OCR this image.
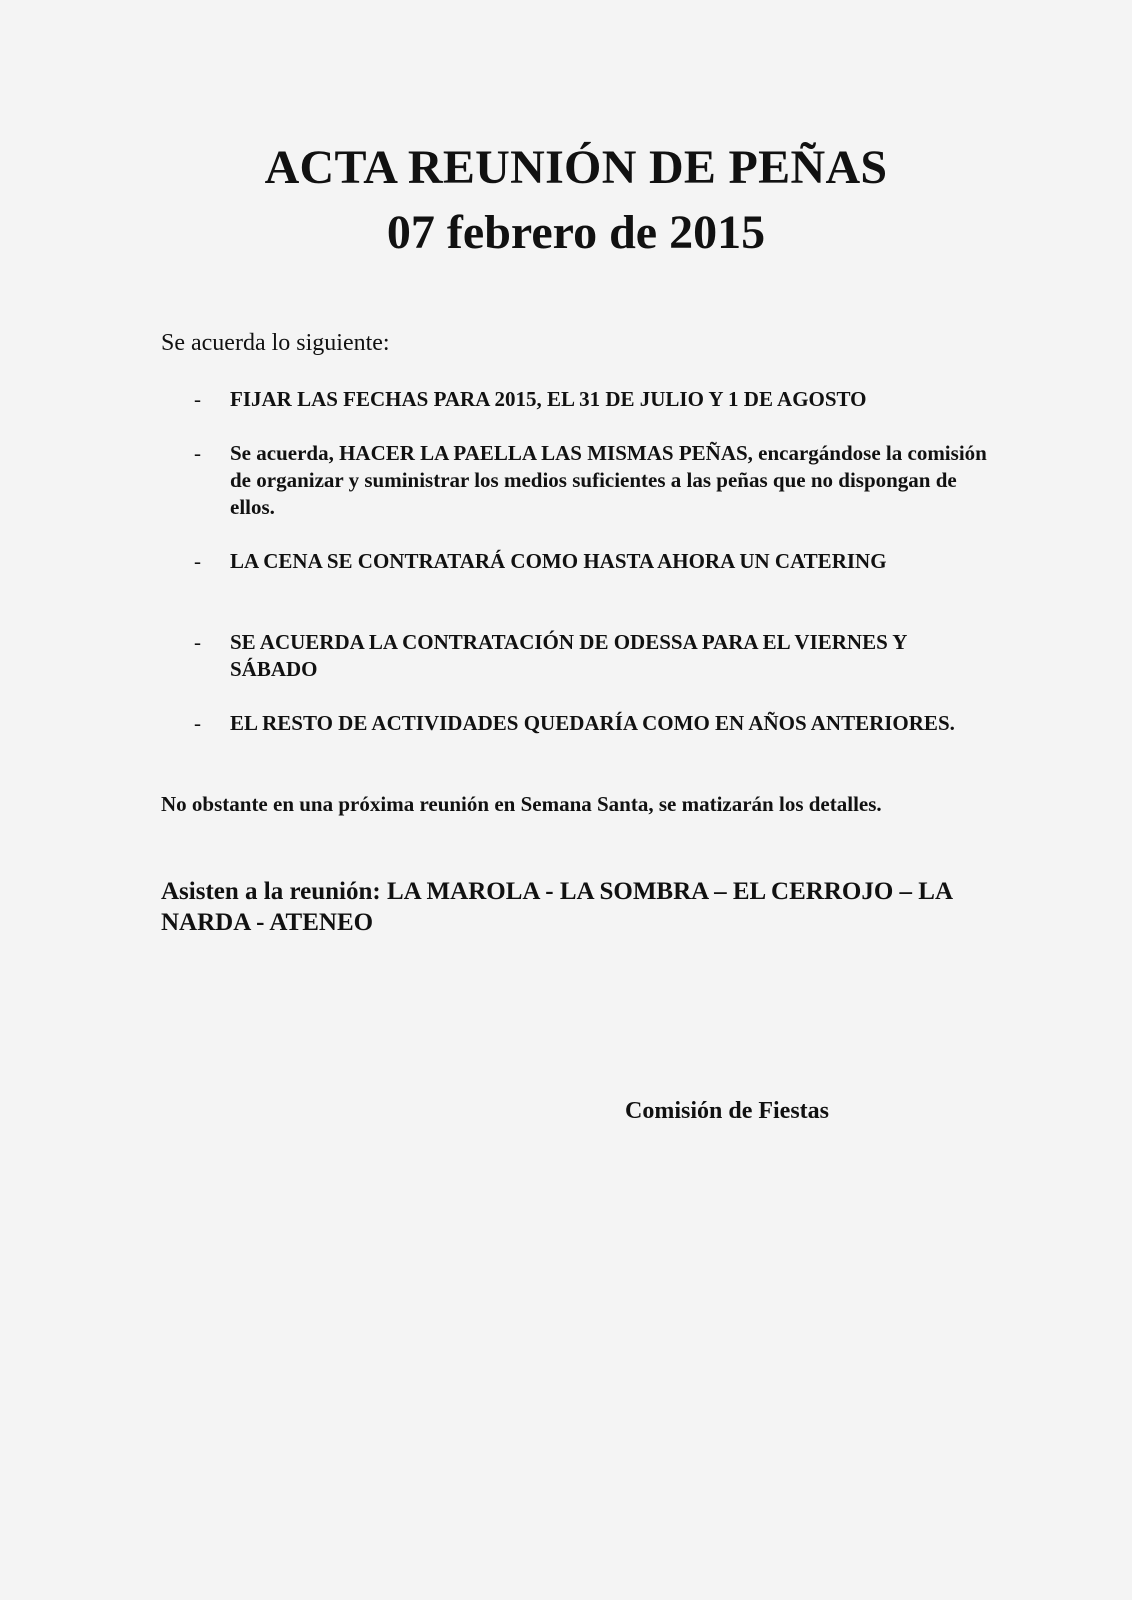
ACTA REUNIÓN DE PEÑAS
07 febrero de 2015
Se acuerda lo siguiente:
- FIJAR LAS FECHAS PARA 2015, EL 31 DE JULIO Y 1 DE AGOSTO
- Se acuerda, HACER LA PAELLA LAS MISMAS PEÑAS, encargándose la comisión de organizar y suministrar los medios suficientes a las peñas que no dispongan de ellos.
- LA CENA SE CONTRATARÁ COMO HASTA AHORA UN CATERING
- SE ACUERDA LA CONTRATACIÓN DE ODESSA PARA EL VIERNES Y SÁBADO
- EL RESTO DE ACTIVIDADES QUEDARÍA COMO EN AÑOS ANTERIORES.
No obstante en una próxima reunión en Semana Santa, se matizarán los detalles.
Asisten a la reunión: LA MAROLA - LA SOMBRA – EL CERROJO – LA NARDA - ATENEO
Comisión de Fiestas
